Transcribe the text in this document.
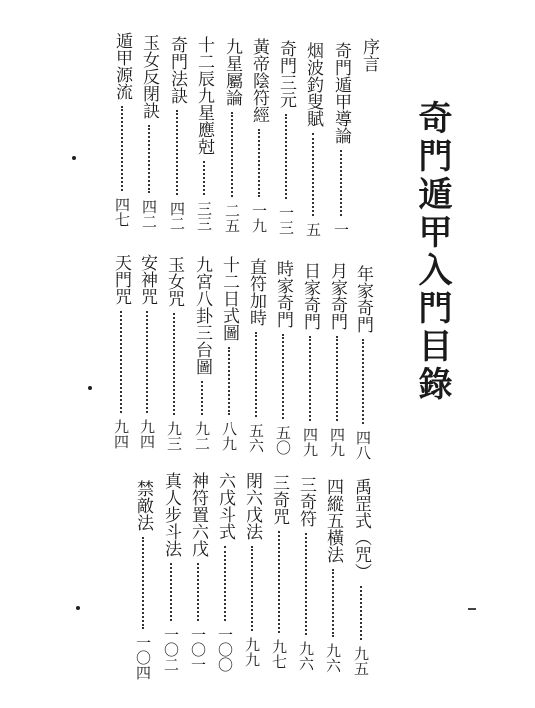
奇門遁甲入門目錄
序言
奇門遁甲導論
一
烟波釣叟賦
五
奇門三元
一三
黃帝陰符經
一九
九星屬論
二五
十二辰九星應尅
三三
奇門法訣
四二
玉女反閉訣
四二
遁甲源流
四七
年家奇門
四八
月家奇門
四九
日家奇門
四九
時家奇門
五〇
直符加時
五六
十二日式圖
八九
九宮八卦三台圖
九二
玉女咒
九三
安神咒
九四
天門咒
九四
禹罡式（咒）
九五
四縱五橫法
九六
三奇符
九六
三奇咒
九七
閉六戊法
九九
六戊斗式
一〇〇
神符置六戊
一〇一
真人步斗法
一〇二
禁敵法
一〇四
